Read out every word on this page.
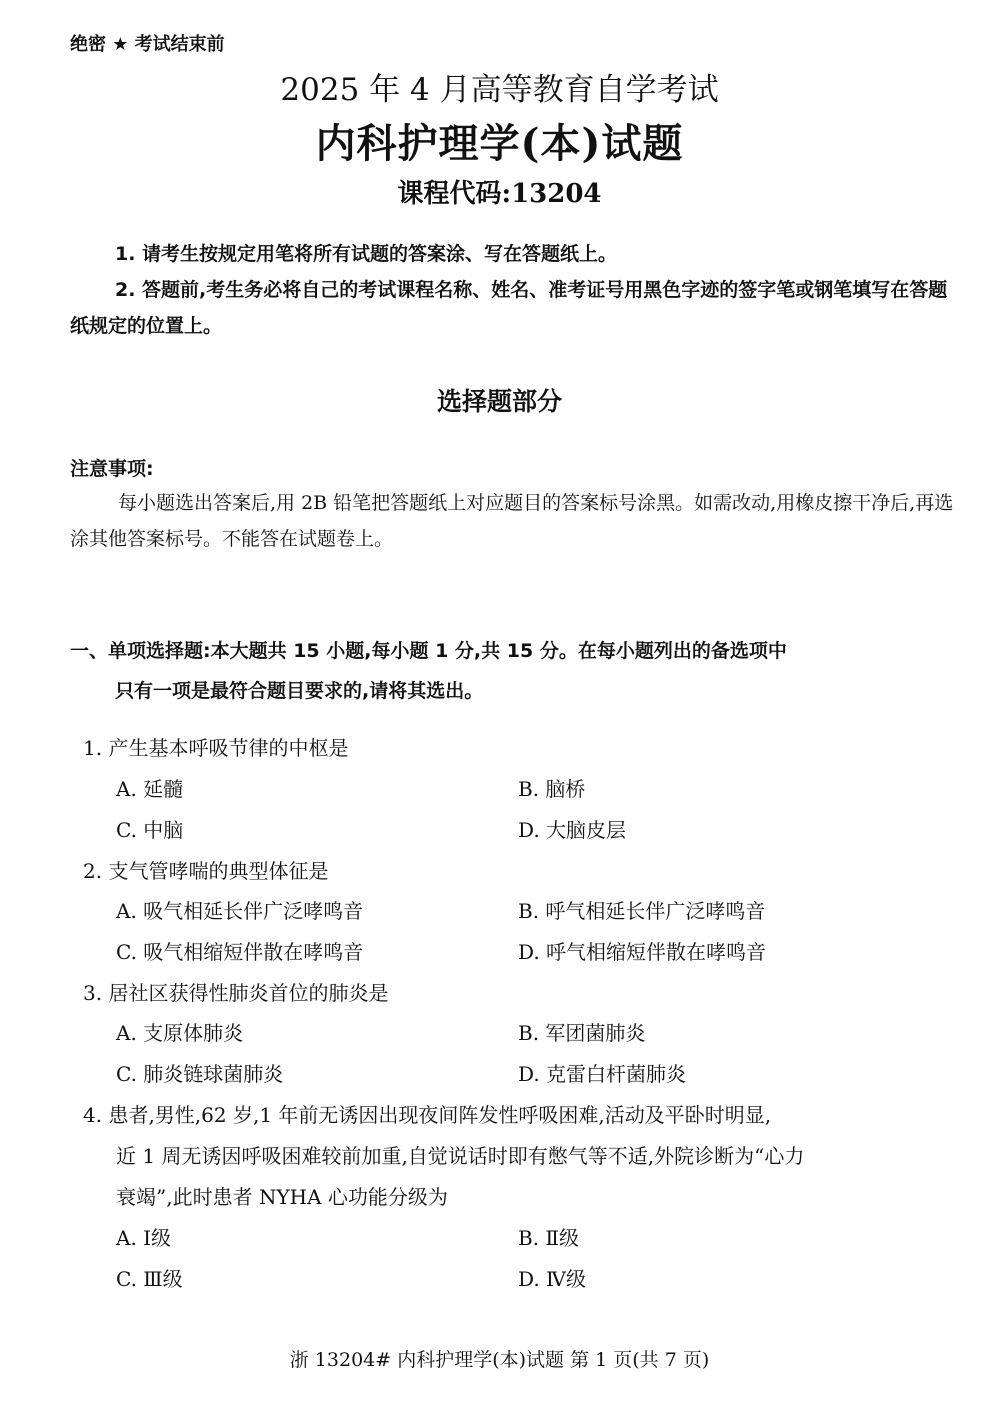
绝密 ★ 考试结束前
2025 年 4 月高等教育自学考试
内科护理学(本)试题
课程代码:13204
1. 请考生按规定用笔将所有试题的答案涂、写在答题纸上。
2. 答题前,考生务必将自己的考试课程名称、姓名、准考证号用黑色字迹的签字笔或钢笔填写在答题纸规定的位置上。
选择题部分
注意事项:
每小题选出答案后,用 2B 铅笔把答题纸上对应题目的答案标号涂黑。如需改动,用橡皮擦干净后,再选涂其他答案标号。不能答在试题卷上。
一、单项选择题:本大题共 15 小题,每小题 1 分,共 15 分。在每小题列出的备选项中
只有一项是最符合题目要求的,请将其选出。
1. 产生基本呼吸节律的中枢是
A. 延髓	B. 脑桥
C. 中脑	D. 大脑皮层
2. 支气管哮喘的典型体征是
A. 吸气相延长伴广泛哮鸣音	B. 呼气相延长伴广泛哮鸣音
C. 吸气相缩短伴散在哮鸣音	D. 呼气相缩短伴散在哮鸣音
3. 居社区获得性肺炎首位的肺炎是
A. 支原体肺炎	B. 军团菌肺炎
C. 肺炎链球菌肺炎	D. 克雷白杆菌肺炎
4. 患者,男性,62 岁,1 年前无诱因出现夜间阵发性呼吸困难,活动及平卧时明显,
近 1 周无诱因呼吸困难较前加重,自觉说话时即有憋气等不适,外院诊断为“心力
衰竭”,此时患者 NYHA 心功能分级为
A. Ⅰ级	B. Ⅱ级
C. Ⅲ级	D. Ⅳ级
浙 13204# 内科护理学(本)试题 第 1 页(共 7 页)
